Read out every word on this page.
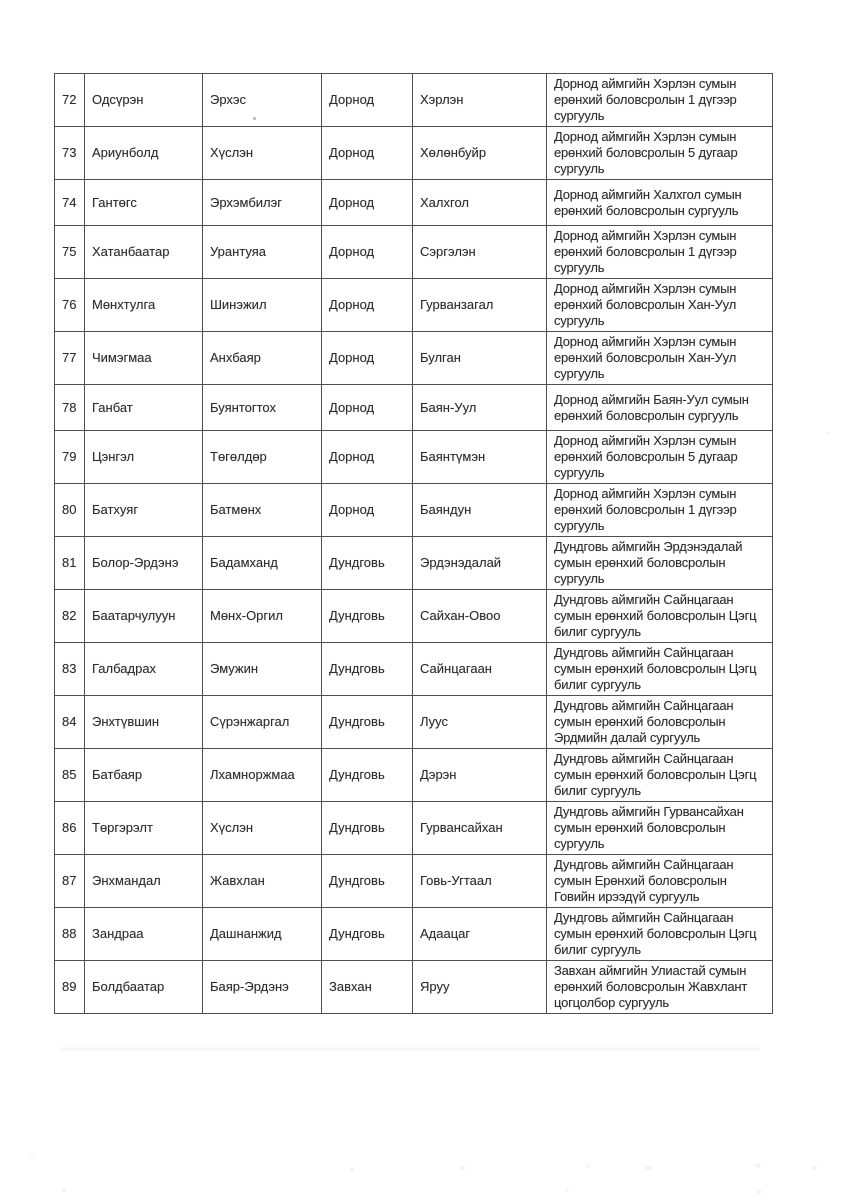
72	Одсүрэн	Эрхэс	Дорнод	Хэрлэн	Дорнод аймгийн Хэрлэн сумын ерөнхий боловсролын 1 дүгээр сургууль
73	Ариунболд	Хүслэн	Дорнод	Хөлөнбуйр	Дорнод аймгийн Хэрлэн сумын ерөнхий боловсролын 5 дугаар сургууль
74	Гантөгс	Эрхэмбилэг	Дорнод	Халхгол	Дорнод аймгийн Халхгол сумын ерөнхий боловсролын сургууль
75	Хатанбаатар	Урантуяа	Дорнод	Сэргэлэн	Дорнод аймгийн Хэрлэн сумын ерөнхий боловсролын 1 дүгээр сургууль
76	Мөнхтулга	Шинэжил	Дорнод	Гурванзагал	Дорнод аймгийн Хэрлэн сумын ерөнхий боловсролын Хан-Уул сургууль
77	Чимэгмаа	Анхбаяр	Дорнод	Булган	Дорнод аймгийн Хэрлэн сумын ерөнхий боловсролын Хан-Уул сургууль
78	Ганбат	Буянтогтох	Дорнод	Баян-Уул	Дорнод аймгийн Баян-Уул сумын ерөнхий боловсролын сургууль
79	Цэнгэл	Төгөлдөр	Дорнод	Баянтүмэн	Дорнод аймгийн Хэрлэн сумын ерөнхий боловсролын 5 дугаар сургууль
80	Батхуяг	Батмөнх	Дорнод	Баяндун	Дорнод аймгийн Хэрлэн сумын ерөнхий боловсролын 1 дүгээр сургууль
81	Болор-Эрдэнэ	Бадамханд	Дундговь	Эрдэнэдалай	Дундговь аймгийн Эрдэнэдалай сумын ерөнхий боловсролын сургууль
82	Баатарчулуун	Мөнх-Оргил	Дундговь	Сайхан-Овоо	Дундговь аймгийн Сайнцагаан сумын ерөнхий боловсролын Цэгц билиг сургууль
83	Галбадрах	Эмужин	Дундговь	Сайнцагаан	Дундговь аймгийн Сайнцагаан сумын ерөнхий боловсролын Цэгц билиг сургууль
84	Энхтүвшин	Сүрэнжаргал	Дундговь	Луус	Дундговь аймгийн Сайнцагаан сумын ерөнхий боловсролын Эрдмийн далай сургууль
85	Батбаяр	Лхамноржмаа	Дундговь	Дэрэн	Дундговь аймгийн Сайнцагаан сумын ерөнхий боловсролын Цэгц билиг сургууль
86	Төргэрэлт	Хүслэн	Дундговь	Гурвансайхан	Дундговь аймгийн Гурвансайхан сумын ерөнхий боловсролын сургууль
87	Энхмандал	Жавхлан	Дундговь	Говь-Угтаал	Дундговь аймгийн Сайнцагаан сумын Ерөнхий боловсролын Говийн ирээдүй сургууль
88	Зандраа	Дашнанжид	Дундговь	Адаацаг	Дундговь аймгийн Сайнцагаан сумын ерөнхий боловсролын Цэгц билиг сургууль
89	Болдбаатар	Баяр-Эрдэнэ	Завхан	Яруу	Завхан аймгийн Улиастай сумын ерөнхий боловсролын Жавхлант цогцолбор сургууль
